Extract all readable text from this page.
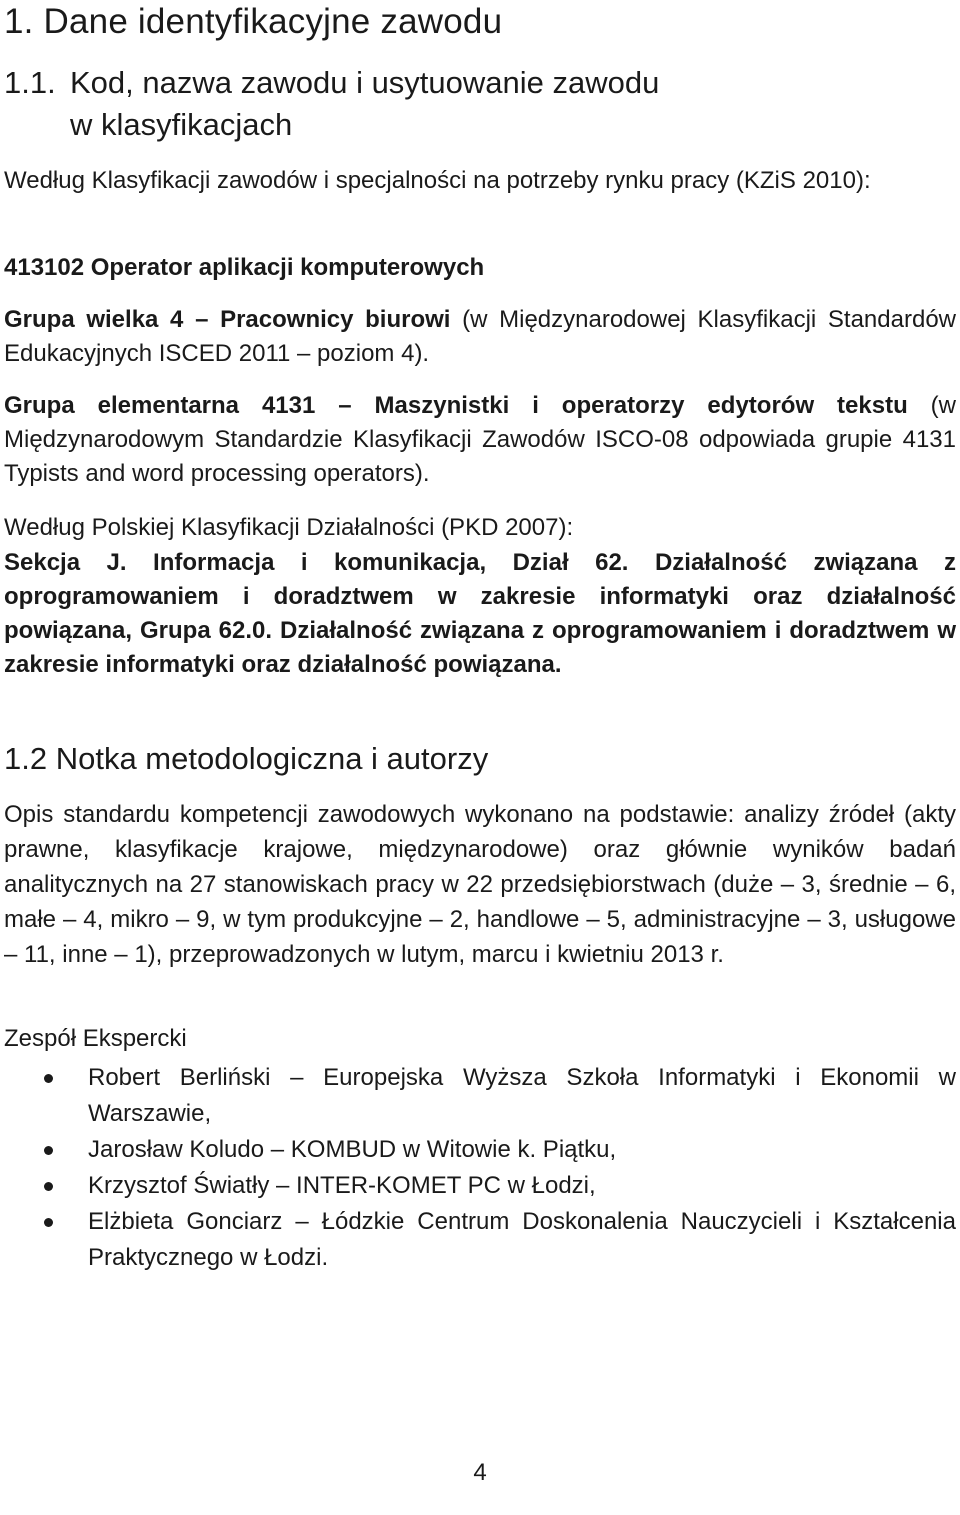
1. Dane identyfikacyjne zawodu
1.1. Kod, nazwa zawodu i usytuowanie zawodu
w klasyfikacjach
Według Klasyfikacji zawodów i specjalności na potrzeby rynku pracy (KZiS 2010):
413102 Operator aplikacji komputerowych
Grupa wielka 4 – Pracownicy biurowi (w Międzynarodowej Klasyfikacji Standardów Edukacyjnych ISCED 2011 – poziom 4).
Grupa elementarna 4131 – Maszynistki i operatorzy edytorów tekstu (w Międzynarodowym Standardzie Klasyfikacji Zawodów ISCO-08 odpowiada grupie 4131 Typists and word processing operators).
Według Polskiej Klasyfikacji Działalności (PKD 2007):
Sekcja J. Informacja i komunikacja, Dział 62. Działalność związana z oprogramowaniem i doradztwem w zakresie informatyki oraz działalność powiązana, Grupa 62.0. Działalność związana z oprogramowaniem i doradztwem w zakresie informatyki oraz działalność powiązana.
1.2 Notka metodologiczna i autorzy
Opis standardu kompetencji zawodowych wykonano na podstawie: analizy źródeł (akty prawne, klasyfikacje krajowe, międzynarodowe) oraz głównie wyników badań analitycznych na 27 stanowiskach pracy w 22 przedsiębiorstwach (duże – 3, średnie – 6, małe – 4, mikro – 9, w tym produkcyjne – 2, handlowe – 5, administracyjne – 3, usługowe – 11, inne – 1), przeprowadzonych w lutym, marcu i kwietniu 2013 r.
Zespół Ekspercki
Robert Berliński – Europejska Wyższa Szkoła Informatyki i Ekonomii w Warszawie,
Jarosław Koludo – KOMBUD w Witowie k. Piątku,
Krzysztof Światły – INTER-KOMET PC w Łodzi,
Elżbieta Gonciarz – Łódzkie Centrum Doskonalenia Nauczycieli i Kształcenia Praktycznego w Łodzi.
4
